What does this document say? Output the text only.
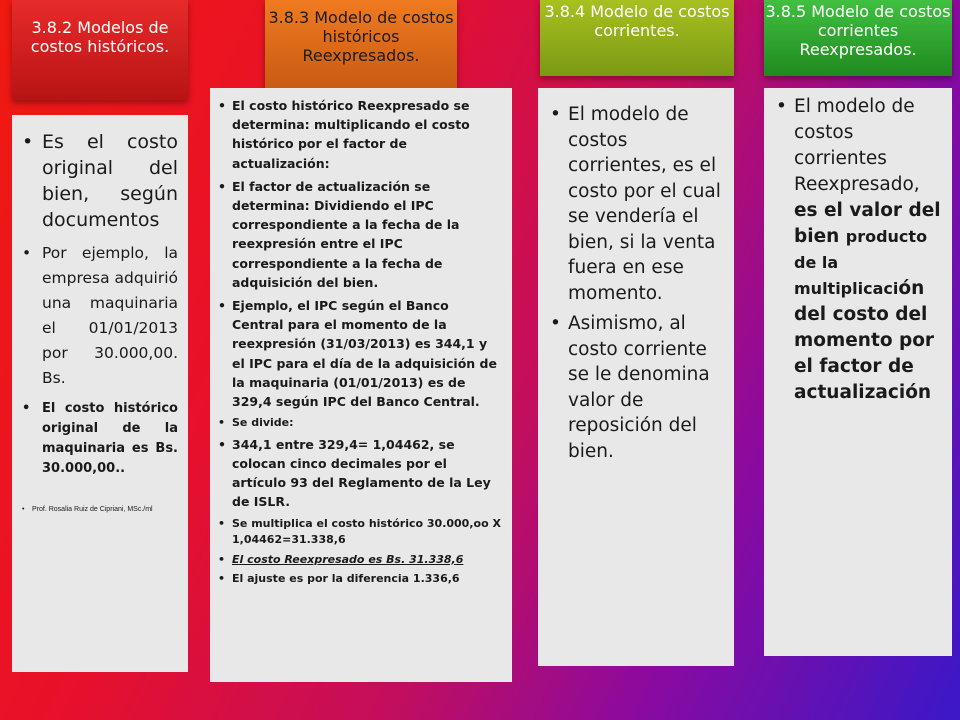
3.8.2 Modelos de costos históricos.
3.8.3 Modelo de costos históricos Reexpresados.
3.8.4 Modelo de costos corrientes.
3.8.5 Modelo de costos corrientes Reexpresados.
• Es el costo original del bien, según documentos
• Por ejemplo, la empresa adquirió una maquinaria el 01/01/2013 por 30.000,00. Bs.
• El costo histórico original de la maquinaria es Bs. 30.000,00..
• Prof. Rosalia Ruiz de Cipriani, MSc./ml
• El costo histórico Reexpresado se determina: multiplicando el costo histórico por el factor de actualización:
• El factor de actualización se determina: Dividiendo el IPC correspondiente a la fecha de la reexpresión entre el IPC correspondiente a la fecha de adquisición del bien.
• Ejemplo, el IPC según el Banco Central para el momento de la reexpresión (31/03/2013) es 344,1 y el IPC para el día de la adquisición de la maquinaria (01/01/2013) es de 329,4 según IPC del Banco Central.
• Se divide:
• 344,1 entre 329,4= 1,04462, se colocan cinco decimales por el artículo 93 del Reglamento de la Ley de ISLR.
• Se multiplica el costo histórico 30.000,oo X 1,04462=31.338,6
• El costo Reexpresado es Bs. 31.338,6
• El ajuste es por la diferencia 1.336,6
• El modelo de costos corrientes, es el costo por el cual se vendería el bien, si la venta fuera en ese momento.
• Asimismo, al costo corriente se le denomina valor de reposición del bien.
• El modelo de costos corrientes Reexpresado, es el valor del bien producto de la multiplicación del costo del momento por el factor de actualización
